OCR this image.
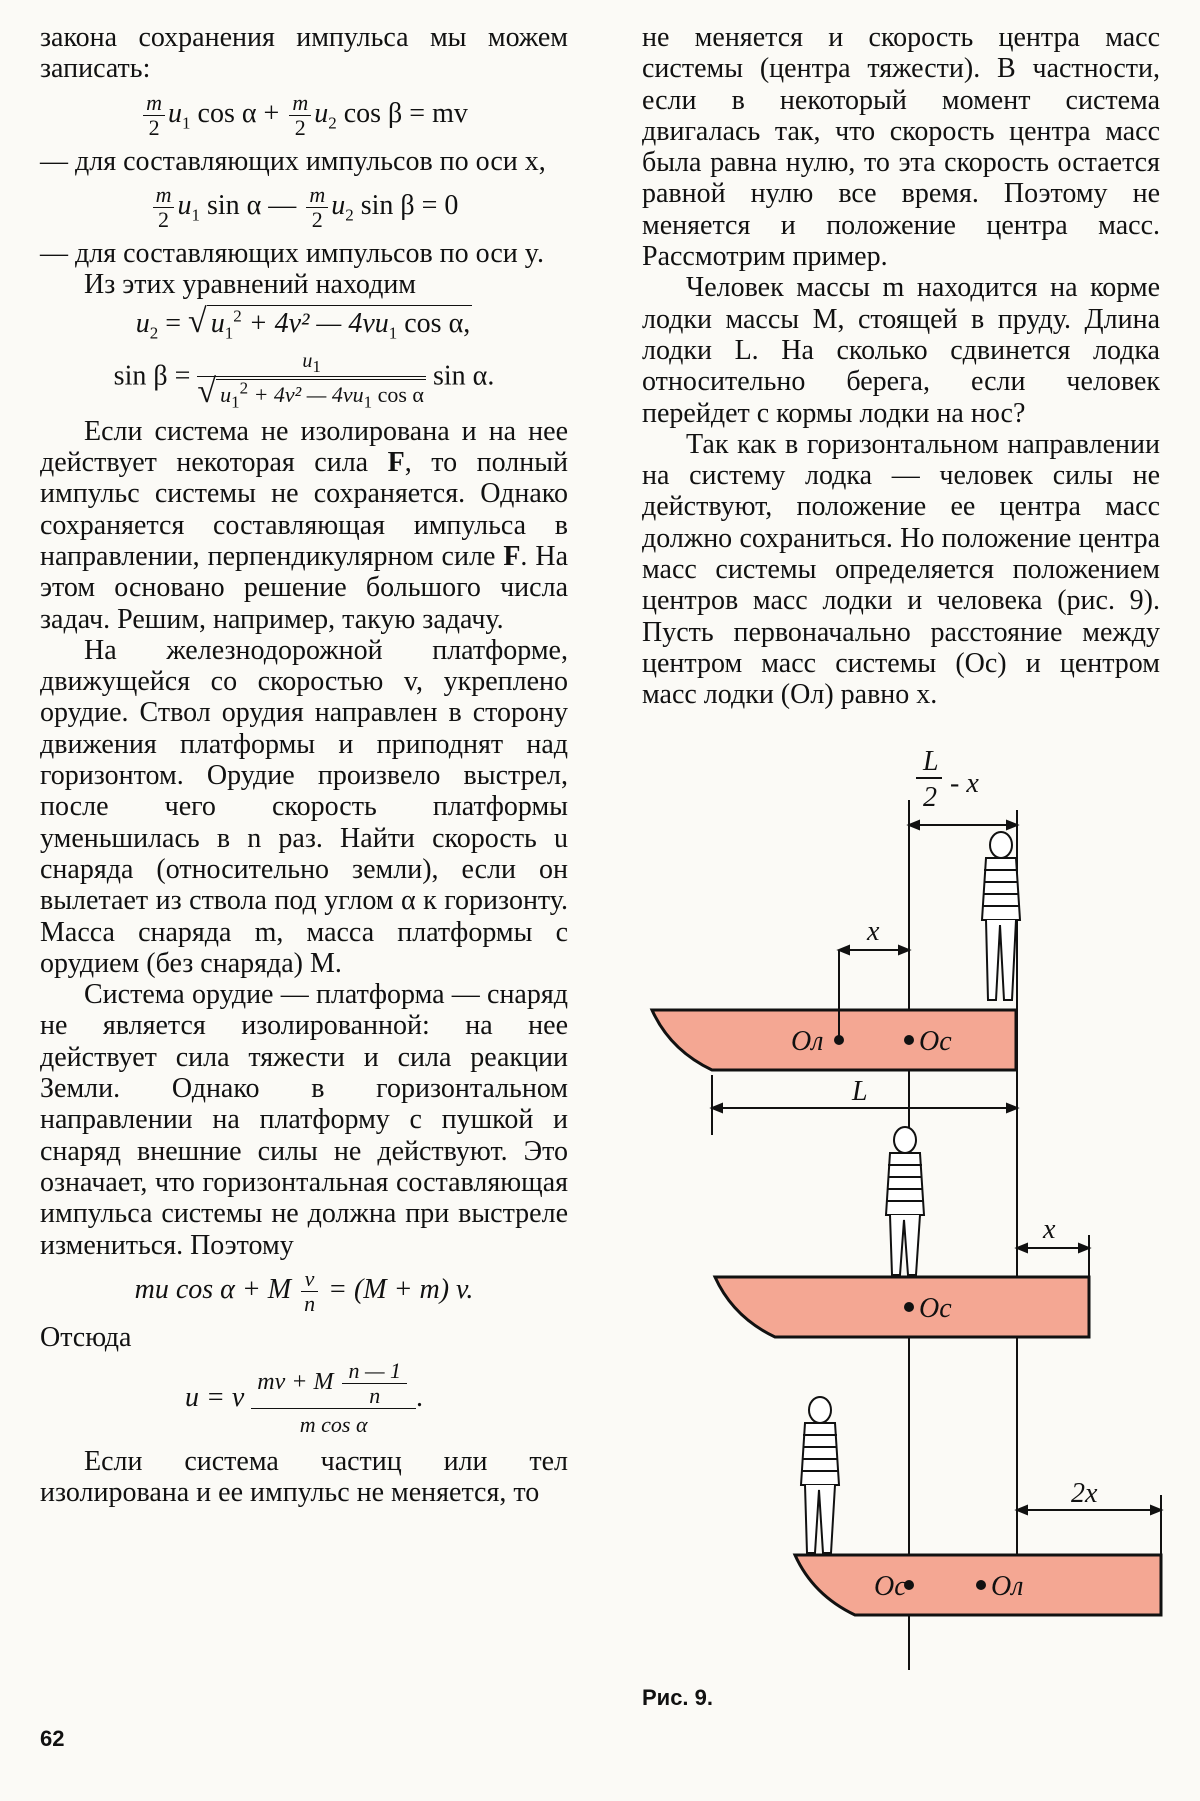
закона сохранения импульса мы можем записать:

$\frac{m}{2} u_1$ $\cos \alpha + \frac{m}{2} u_2$ cos β = mv

— для составляющих импульсов по оси x,

$\frac{m}{2} u_1$ sin α — $\frac{m}{2} u_2$ sin β = 0

— для составляющих импульсов по оси y.

Из этих уравнений находим

$u_2$ = √ $u_1^2 + 4v^2$ — $4vu_1$ cos α,
$\sin \beta = \frac{u_1}{√ u_1^2 + 4v^2 — 4vu_1 \cos \alpha}$ sin α.

Если система не изолирована и на нее действует некоторая сила F, то полный импульс системы не сохраняется. Однако сохраняется составляющая импульса в направлении, перпендикулярном силе F. На этом основано решение большого числа задач. Решим, например, такую задачу.

На железнодорожной платформе, движущейся со скоростью v, укреплено орудие. Ствол орудия направлен в сторону движения платформы и приподнят над горизонтом. Орудие произвело выстрел, после чего скорость платформы уменьшилась в n раз. Найти скорость u снаряда (относительно земли), если он вылетает из ствола под углом α к горизонту. Масса снаряда m, масса платформы с орудием (без снаряда) M.

Система орудие — платформа — снаряд не является изолированной: на нее действует сила тяжести и сила реакции Земли. Однако в горизонтальном направлении на платформу с пушкой и снаряд внешние силы не действуют. Это означает, что горизонтальная составляющая импульса системы не должна при выстреле измениться. Поэтому

mu cos α + M $\frac{v}{n} = (M + m)$ v.

Отсюда

u = v $\frac{mv + M \frac{n — 1}{n}}{\text{m cos α}}$.

Если система частиц или тел изолирована и ее импульс не меняется, то

не меняется и скорость центра масс системы (центра тяжести). В частности, если в некоторый момент система двигалась так, что скорость центра масс была равна нулю, то эта скорость остается равной нулю все время. Поэтому не меняется и положение центра масс. Рассмотрим пример.

Человек массы m находится на корме лодки массы M, стоящей в пруду. Длина лодки L. На сколько сдвинется лодка относительно берега, если человек перейдет с кормы лодки на нос?

Так как в горизонтальном направлении на систему лодка — человек силы не действуют, положение ее центра масс должно сохраниться. Но положение центра масс системы определяется положением центров масс лодки и человека (рис. 9). Пусть первоначально расстояние между центром масс системы (Oc) и центром масс лодки (Oл) равно x.

L
2 - x
x
L
x
2x
Oл	Oc
Oc
Oc	Oл
Рис. 9.
62
